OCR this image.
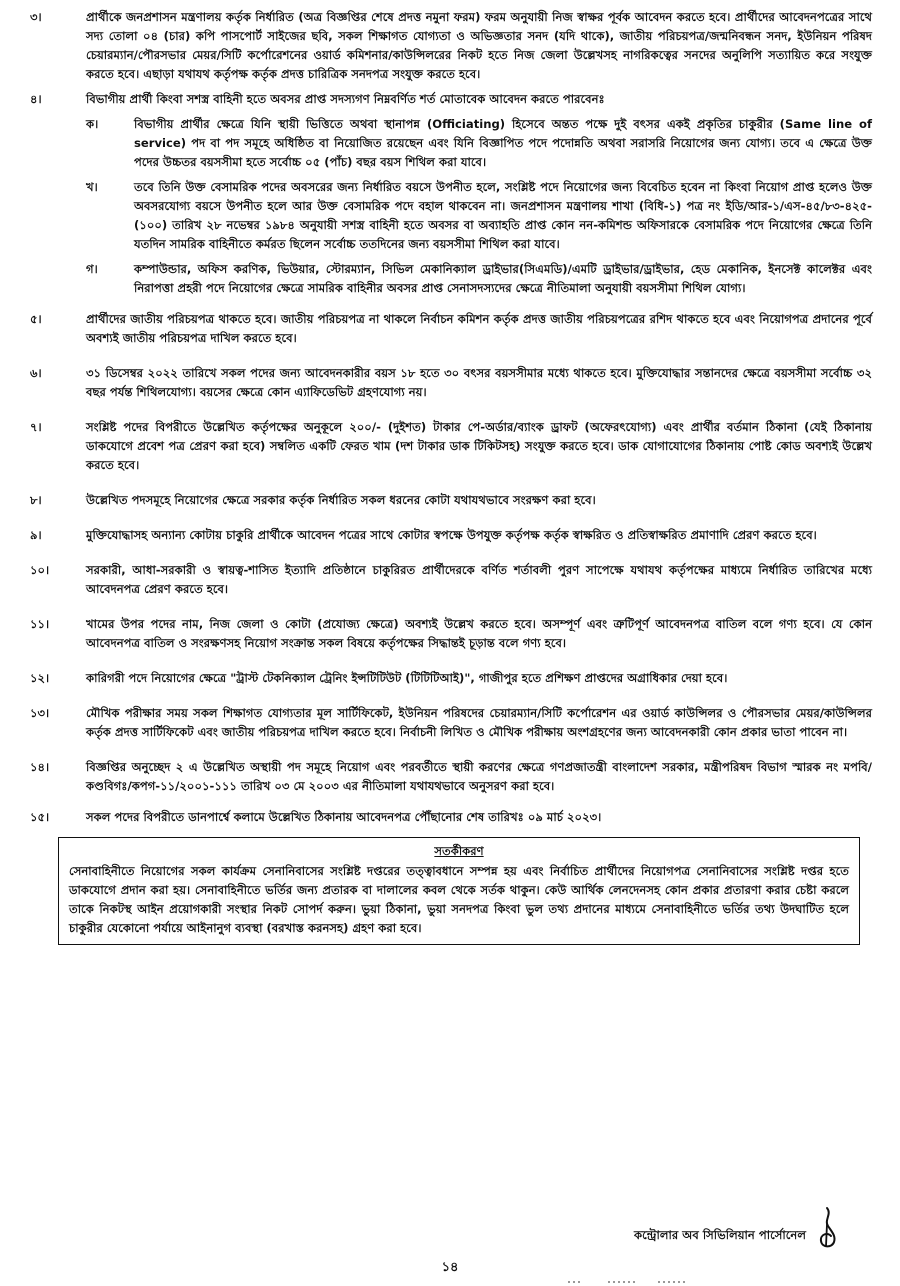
৩।	প্রার্থীকে জনপ্রশাসন মন্ত্রণালয় কর্তৃক নির্ধারিত (অত্র বিজ্ঞপ্তির শেষে প্রদত্ত নমুনা ফরম) ফরম অনুযায়ী নিজ স্বাক্ষর পূর্বক আবেদন করতে হবে। প্রার্থীদের আবেদনপত্রের সাথে সদ্য তোলা ০৪ (চার) কপি পাসপোর্ট সাইজের ছবি, সকল শিক্ষাগত যোগ্যতা ও অভিজ্ঞতার সনদ (যদি থাকে), জাতীয় পরিচয়পত্র/জন্মনিবন্ধন সনদ, ইউনিয়ন পরিষদ চেয়ারম্যান/পৌরসভার মেয়র/সিটি কর্পোরেশনের ওয়ার্ড কমিশনার/কাউন্সিলরের নিকট হতে নিজ জেলা উল্লেখসহ নাগরিকত্বের সনদের অনুলিপি সত্যায়িত করে সংযুক্ত করতে হবে। এছাড়া যথাযথ কর্তৃপক্ষ কর্তৃক প্রদত্ত চারিত্রিক সনদপত্র সংযুক্ত করতে হবে।
৪।	বিভাগীয় প্রার্থী কিংবা সশস্ত্র বাহিনী হতে অবসর প্রাপ্ত সদস্যগণ নিম্নবর্ণিত শর্ত মোতাবেক আবেদন করতে পারবেনঃ
ক।	বিভাগীয় প্রার্থীর ক্ষেত্রে যিনি স্থায়ী ভিত্তিতে অথবা স্থানাপন্ন (Officiating) হিসেবে অন্তত পক্ষে দুই বৎসর একই প্রকৃতির চাকুরীর (Same line of service) পদ বা পদ সমূহে অধিষ্ঠিত বা নিয়োজিত রয়েছেন এবং যিনি বিজ্ঞাপিত পদে পদোন্নতি অথবা সরাসরি নিয়োগের জন্য যোগ্য। তবে এ ক্ষেত্রে উক্ত পদের উচ্চতর বয়সসীমা হতে সর্বোচ্চ ০৫ (পাঁচ) বছর বয়স শিথিল করা যাবে।
খ।	তবে তিনি উক্ত বেসামরিক পদের অবসরের জন্য নির্ধারিত বয়সে উপনীত হলে, সংশ্লিষ্ট পদে নিয়োগের জন্য বিবেচিত হবেন না কিংবা নিয়োগ প্রাপ্ত হলেও উক্ত অবসরযোগ্য বয়সে উপনীত হলে আর উক্ত বেসামরিক পদে বহাল থাকবেন না। জনপ্রশাসন মন্ত্রণালয় শাখা (বিধি-১) পত্র নং ইডি/আর-১/এস-৪৫/৮৩-৪২৫-(১০০) তারিখ ২৮ নভেম্বর ১৯৮৪ অনুযায়ী সশস্ত্র বাহিনী হতে অবসর বা অব্যাহতি প্রাপ্ত কোন নন-কমিশন্ড অফিসারকে বেসামরিক পদে নিয়োগের ক্ষেত্রে তিনি যতদিন সামরিক বাহিনীতে কর্মরত ছিলেন সর্বোচ্চ ততদিনের জন্য বয়সসীমা শিথিল করা যাবে।
গ।	কম্পাউন্ডার, অফিস করণিক, ভিউয়ার, স্টোরম্যান, সিভিল মেকানিক্যাল ড্রাইভার(সিএমডি)/এমটি ড্রাইভার/ড্রাইভার, হেড মেকানিক, ইনসেক্ট কালেক্টর এবং নিরাপত্তা প্রহরী পদে নিয়োগের ক্ষেত্রে সামরিক বাহিনীর অবসর প্রাপ্ত সেনাসদস্যদের ক্ষেত্রে নীতিমালা অনুযায়ী বয়সসীমা শিথিল যোগ্য।
৫।	প্রার্থীদের জাতীয় পরিচয়পত্র থাকতে হবে। জাতীয় পরিচয়পত্র না থাকলে নির্বাচন কমিশন কর্তৃক প্রদত্ত জাতীয় পরিচয়পত্রের রশিদ থাকতে হবে এবং নিয়োগপত্র প্রদানের পূর্বে অবশ্যই জাতীয় পরিচয়পত্র দাখিল করতে হবে।
৬।	৩১ ডিসেম্বর ২০২২ তারিখে সকল পদের জন্য আবেদনকারীর বয়স ১৮ হতে ৩০ বৎসর বয়সসীমার মধ্যে থাকতে হবে। মুক্তিযোদ্ধার সন্তানদের ক্ষেত্রে বয়সসীমা সর্বোচ্চ ৩২ বছর পর্যন্ত শিথিলযোগ্য। বয়সের ক্ষেত্রে কোন এ্যাফিডেভিট গ্রহণযোগ্য নয়।
৭।	সংশ্লিষ্ট পদের বিপরীতে উল্লেখিত কর্তৃপক্ষের অনুকূলে ২০০/- (দুইশত) টাকার পে-অর্ডার/ব্যাংক ড্রাফট (অফেরৎযোগ্য) এবং প্রার্থীর বর্তমান ঠিকানা (যেই ঠিকানায় ডাকযোগে প্রবেশ পত্র প্রেরণ করা হবে) সম্বলিত একটি ফেরত খাম (দশ টাকার ডাক টিকিটসহ) সংযুক্ত করতে হবে। ডাক যোগাযোগের ঠিকানায় পোষ্ট কোড অবশ্যই উল্লেখ করতে হবে।
৮।	উল্লেখিত পদসমূহে নিয়োগের ক্ষেত্রে সরকার কর্তৃক নির্ধারিত সকল ধরনের কোটা যথাযথভাবে সংরক্ষণ করা হবে।
৯।	মুক্তিযোদ্ধাসহ অন্যান্য কোটায় চাকুরি প্রার্থীকে আবেদন পত্রের সাথে কোটার স্বপক্ষে উপযুক্ত কর্তৃপক্ষ কর্তৃক স্বাক্ষরিত ও প্রতিস্বাক্ষরিত প্রমাণাদি প্রেরণ করতে হবে।
১০।	সরকারী, আধা-সরকারী ও স্বায়ত্ব-শাসিত ইত্যাদি প্রতিষ্ঠানে চাকুরিরত প্রার্থীদেরকে বর্ণিত শর্তাবলী পুরণ সাপেক্ষে যথাযথ কর্তৃপক্ষের মাধ্যমে নির্ধারিত তারিখের মধ্যে আবেদনপত্র প্রেরণ করতে হবে।
১১।	খামের উপর পদের নাম, নিজ জেলা ও কোটা (প্রযোজ্য ক্ষেত্রে) অবশ্যই উল্লেখ করতে হবে। অসম্পূর্ণ এবং ত্রুটিপূর্ণ আবেদনপত্র বাতিল বলে গণ্য হবে। যে কোন আবেদনপত্র বাতিল ও সংরক্ষণসহ নিয়োগ সংক্রান্ত সকল বিষয়ে কর্তৃপক্ষের সিদ্ধান্তই চূড়ান্ত বলে গণ্য হবে।
১২।	কারিগরী পদে নিয়োগের ক্ষেত্রে "ট্রাস্ট টেকনিক্যাল ট্রেনিং ইন্সটিটিউট (টিটিটিআই)", গাজীপুর হতে প্রশিক্ষণ প্রাপ্তদের অগ্রাধিকার দেয়া হবে।
১৩।	মৌখিক পরীক্ষার সময় সকল শিক্ষাগত যোগ্যতার মূল সার্টিফিকেট, ইউনিয়ন পরিষদের চেয়ারম্যান/সিটি কর্পোরেশন এর ওয়ার্ড কাউন্সিলর ও পৌরসভার মেয়র/কাউন্সিলর কর্তৃক প্রদত্ত সার্টিফিকেট এবং জাতীয় পরিচয়পত্র দাখিল করতে হবে। নির্বাচনী লিখিত ও মৌখিক পরীক্ষায় অংশগ্রহণের জন্য আবেদনকারী কোন প্রকার ভাতা পাবেন না।
১৪।	বিজ্ঞপ্তির অনুচ্ছেদ ২ এ উল্লেখিত অস্থায়ী পদ সমূহে নিয়োগ এবং পরবর্তীতে স্থায়ী করণের ক্ষেত্রে গণপ্রজাতন্ত্রী বাংলাদেশ সরকার, মন্ত্রীপরিষদ বিভাগ স্মারক নং মপবি/কণ্ডবিগঃ/কপগ-১১/২০০১-১১১ তারিখ ০৩ মে ২০০৩ এর নীতিমালা যথাযথভাবে অনুসরণ করা হবে।
১৫।	সকল পদের বিপরীতে ডানপার্শ্বে কলামে উল্লেখিত ঠিকানায় আবেদনপত্র পৌঁছানোর শেষ তারিখঃ ০৯ মার্চ ২০২৩।
সতর্কীকরণ
সেনাবাহিনীতে নিয়োগের সকল কার্যক্রম সেনানিবাসের সংশ্লিষ্ট দপ্তরের তত্ত্বাবধানে সম্পন্ন হয় এবং নির্বাচিত প্রার্থীদের নিয়োগপত্র সেনানিবাসের সংশ্লিষ্ট দপ্তর হতে ডাকযোগে প্রদান করা হয়। সেনাবাহিনীতে ভর্তির জন্য প্রতারক বা দালালের কবল থেকে সর্তক থাকুন। কেউ আর্থিক লেনদেনসহ কোন প্রকার প্রতারণা করার চেষ্টা করলে তাকে নিকটস্থ আইন প্রয়োগকারী সংস্থার নিকট সোপর্দ করুন। ভুয়া ঠিকানা, ভুয়া সনদপত্র কিংবা ভুল তথ্য প্রদানের মাধ্যমে সেনাবাহিনীতে ভর্তির তথ্য উদঘাটিত হলে চাকুরীর যেকোনো পর্যায়ে আইনানুগ ব্যবস্থা (বরখাস্ত করনসহ) গ্রহণ করা হবে।
কন্ট্রোলার অব সিভিলিয়ান পার্সোনেল
১৪
